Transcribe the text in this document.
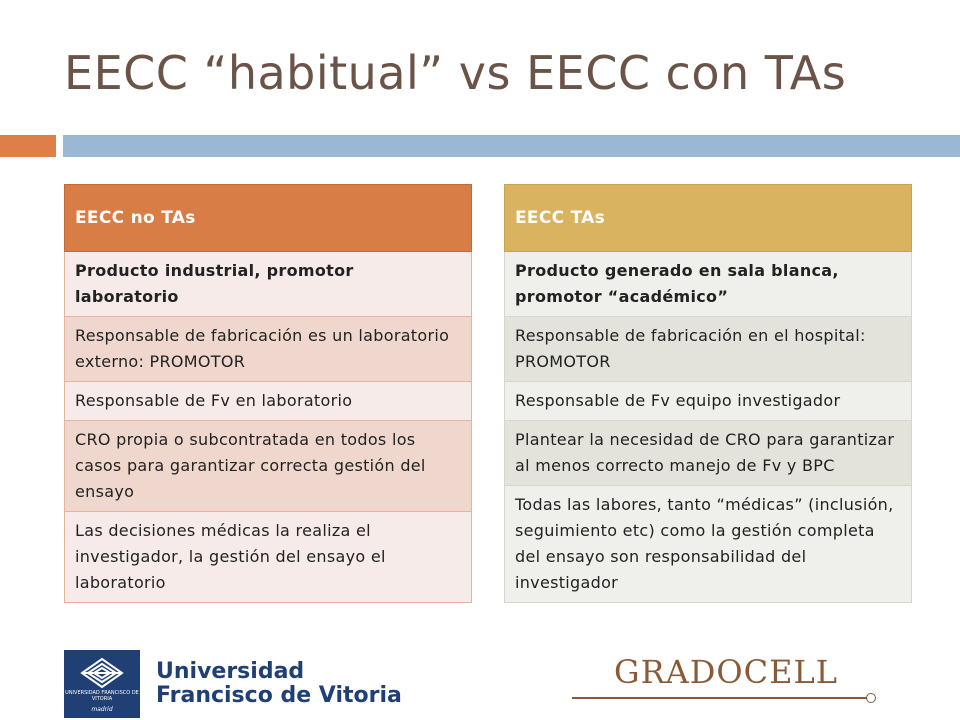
EECC “habitual” vs EECC con TAs
EECC no TAs
Producto industrial, promotor laboratorio
Responsable de fabricación es un laboratorio externo: PROMOTOR
Responsable de Fv en laboratorio
CRO propia o subcontratada en todos los casos para garantizar correcta gestión del ensayo
Las decisiones médicas la realiza el investigador, la gestión del ensayo el laboratorio
EECC TAs
Producto generado en sala blanca, promotor “académico”
Responsable de fabricación en el hospital: PROMOTOR
Responsable de Fv equipo investigador
Plantear la necesidad de CRO para garantizar al menos correcto manejo de Fv y BPC
Todas las labores, tanto “médicas” (inclusión, seguimiento etc) como la gestión completa del ensayo son responsabilidad del investigador
UNIVERSIDAD FRANCISCO DE VITORIA
madrid
Universidad
Francisco de Vitoria
GRADOCELL
